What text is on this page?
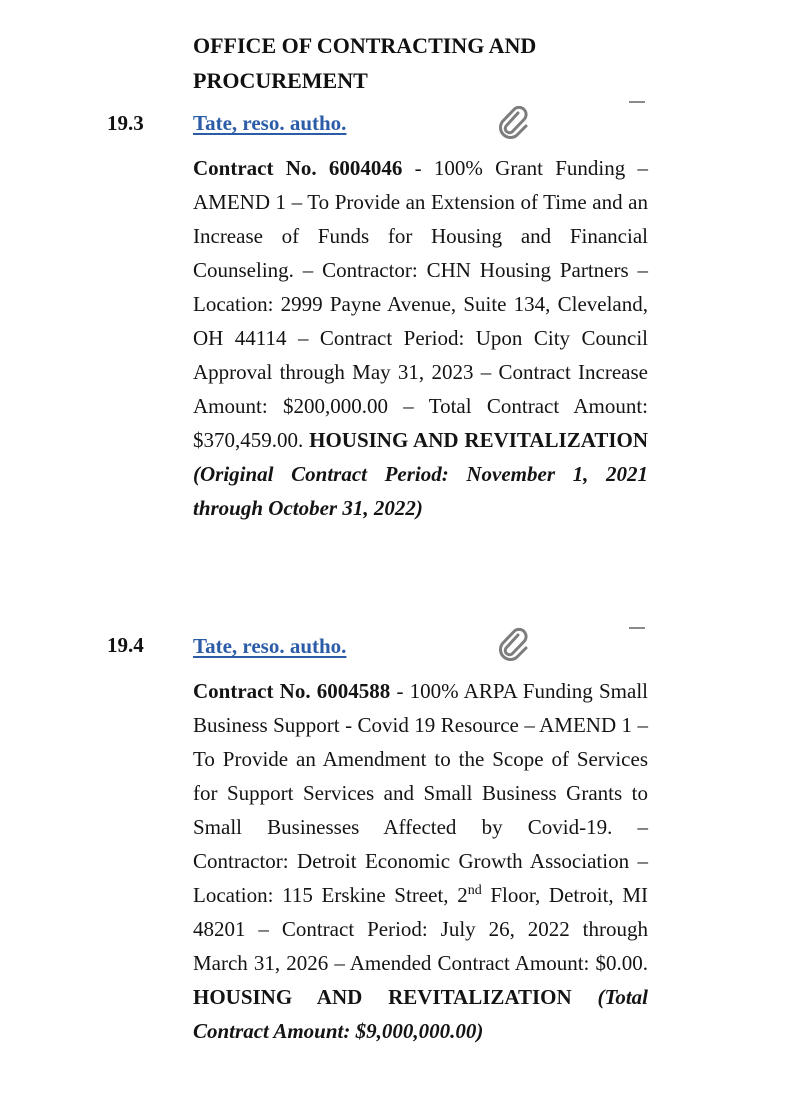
OFFICE OF CONTRACTING AND PROCUREMENT
19.3 Tate, reso. autho.

Contract No. 6004046 - 100% Grant Funding – AMEND 1 – To Provide an Extension of Time and an Increase of Funds for Housing and Financial Counseling. – Contractor: CHN Housing Partners – Location: 2999 Payne Avenue, Suite 134, Cleveland, OH 44114 – Contract Period: Upon City Council Approval through May 31, 2023 – Contract Increase Amount: $200,000.00 – Total Contract Amount: $370,459.00. HOUSING AND REVITALIZATION (Original Contract Period: November 1, 2021 through October 31, 2022)

19.4 Tate, reso. autho.

Contract No. 6004588 - 100% ARPA Funding Small Business Support - Covid 19 Resource – AMEND 1 – To Provide an Amendment to the Scope of Services for Support Services and Small Business Grants to Small Businesses Affected by Covid-19. – Contractor: Detroit Economic Growth Association – Location: 115 Erskine Street, 2nd Floor, Detroit, MI 48201 – Contract Period: July 26, 2022 through March 31, 2026 – Amended Contract Amount: $0.00. HOUSING AND REVITALIZATION (Total Contract Amount: $9,000,000.00)
